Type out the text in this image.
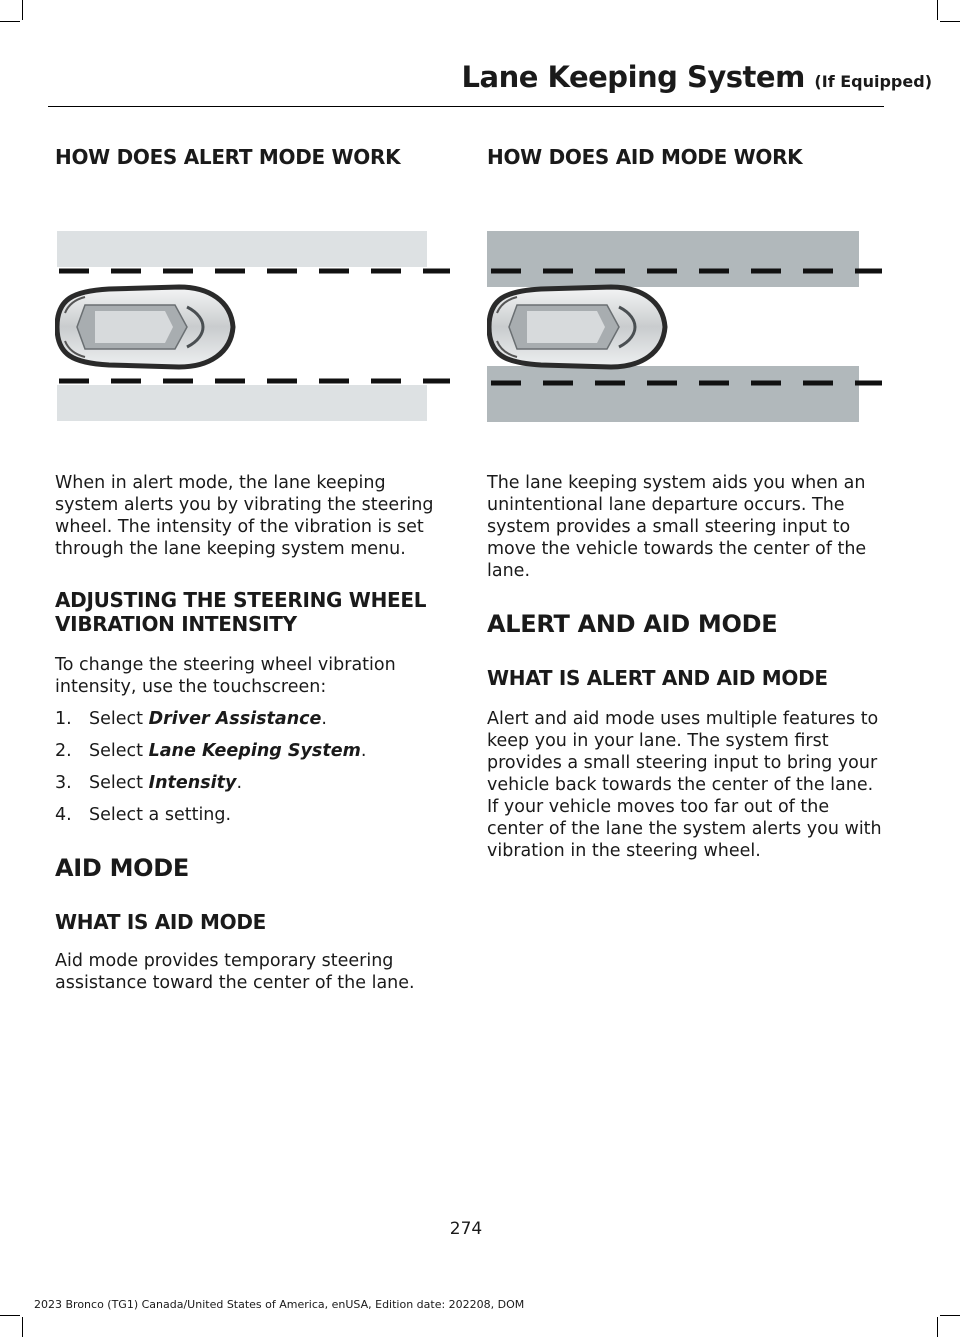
Lane Keeping System (If Equipped)
HOW DOES ALERT MODE WORK

When in alert mode, the lane keeping system alerts you by vibrating the steering wheel. The intensity of the vibration is set through the lane keeping system menu.

ADJUSTING THE STEERING WHEEL VIBRATION INTENSITY

To change the steering wheel vibration intensity, use the touchscreen:

1. Select Driver Assistance.
2. Select Lane Keeping System.
3. Select Intensity.
4. Select a setting.
AID MODE
WHAT IS AID MODE

Aid mode provides temporary steering assistance toward the center of the lane.

HOW DOES AID MODE WORK

The lane keeping system aids you when an unintentional lane departure occurs. The system provides a small steering input to move the vehicle towards the center of the lane.

ALERT AND AID MODE
WHAT IS ALERT AND AID MODE

Alert and aid mode uses multiple features to keep you in your lane. The system first provides a small steering input to bring your vehicle back towards the center of the lane. If your vehicle moves too far out of the center of the lane the system alerts you with vibration in the steering wheel.

274
2023 Bronco (TG1) Canada/United States of America, enUSA, Edition date: 202208, DOM
